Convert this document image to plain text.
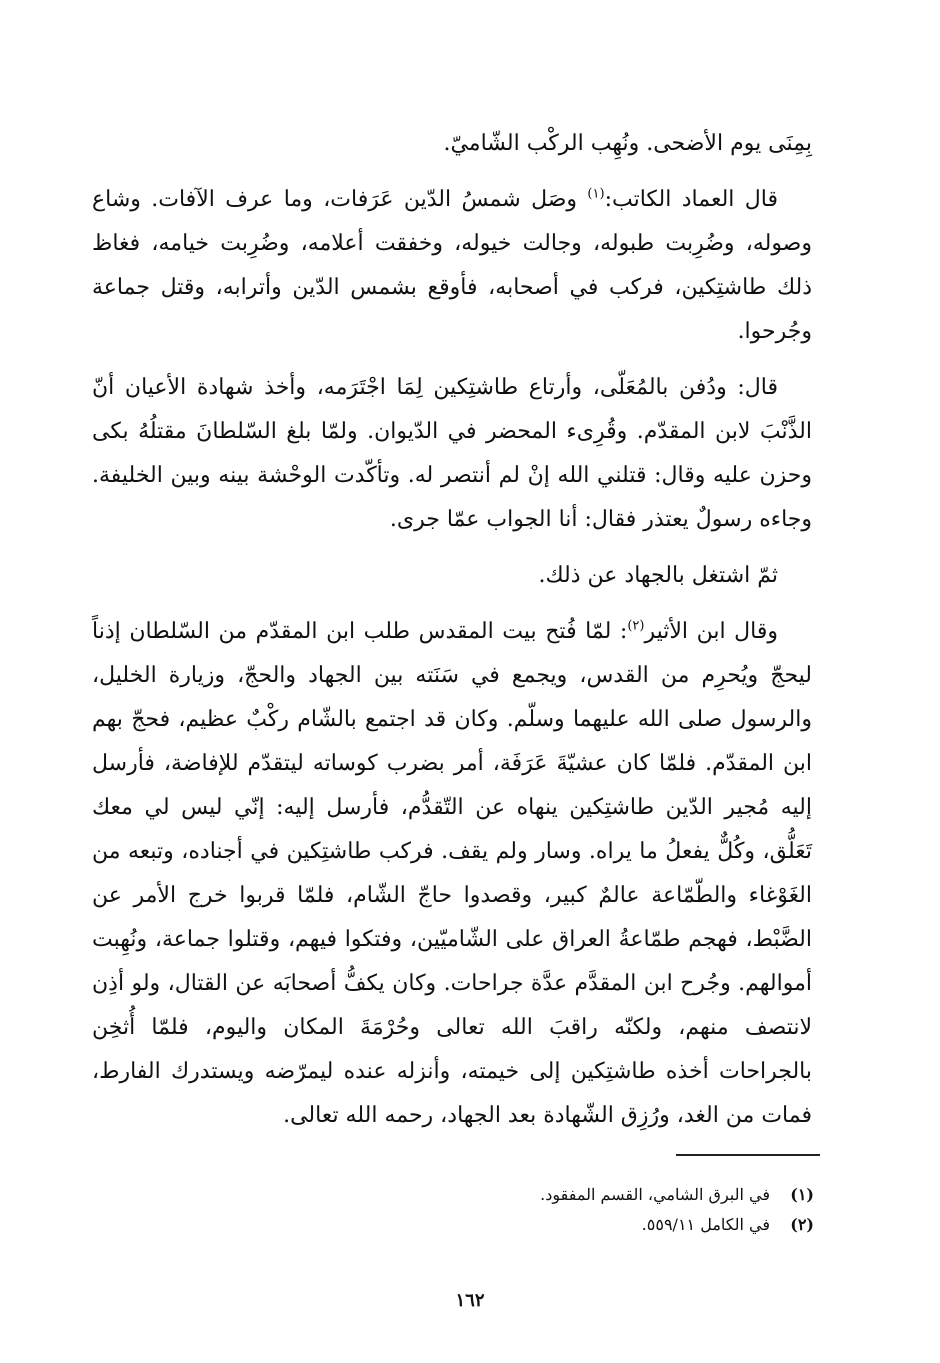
بِمِنَى يوم الأضحى. ونُهِب الركْب الشّاميّ.

قال العماد الكاتب:$^{(١)}$ وصَل شمسُ الدّين عَرَفات، وما عرف الآفات. وشاع وصوله، وضُرِبت طبوله، وجالت خيوله، وخفقت أعلامه، وضُرِبت خيامه، فغاظ ذلك طاشتِكين، فركب في أصحابه، فأوقع بشمس الدّين وأترابه، وقتل جماعة وجُرحوا.

قال: ودُفن بالمُعَلّى، وأرتاع طاشتِكين لِمَا اجْتَرَمه، وأخذ شهادة الأعيان أنّ الذَّنْبَ لابن المقدّم. وقُرِىء المحضر في الدّيوان. ولمّا بلغ السّلطانَ مقتلُهُ بكى وحزن عليه وقال: قتلني الله إنْ لم أنتصر له. وتأكّدت الوحْشة بينه وبين الخليفة. وجاءه رسولٌ يعتذر فقال: أنا الجواب عمّا جرى.

ثمّ اشتغل بالجهاد عن ذلك.

وقال ابن الأثير$^{(٢)}$: لمّا فُتح بيت المقدس طلب ابن المقدّم من السّلطان إذناً ليحجّ ويُحرِم من القدس، ويجمع في سَنَته بين الجهاد والحجّ، وزيارة الخليل، والرسول صلى الله عليهما وسلّم. وكان قد اجتمع بالشّام ركْبٌ عظيم، فحجّ بهم ابن المقدّم. فلمّا كان عشيّةَ عَرَفَة، أمر بضرب كوساته ليتقدّم للإفاضة، فأرسل إليه مُجير الدّين طاشتِكين ينهاه عن التّقدُّم، فأرسل إليه: إنّي ليس لي معك تَعَلُّق، وكُلٌّ يفعلُ ما يراه. وسار ولم يقف. فركب طاشتِكين في أجناده، وتبعه من الغَوْغاء والطّمّاعة عالمٌ كبير، وقصدوا حاجّ الشّام، فلمّا قربوا خرج الأمر عن الضَّبْط، فهجم طمّاعةُ العراق على الشّاميّين، وفتكوا فيهم، وقتلوا جماعة، ونُهِبت أموالهم. وجُرح ابن المقدَّم عدَّة جراحات. وكان يكفُّ أصحابَه عن القتال، ولو أذِن لانتصف منهم، ولكنّه راقبَ الله تعالى وحُرْمَةَ المكان واليوم، فلمّا أُثخِن بالجراحات أخذه طاشتِكين إلى خيمته، وأنزله عنده ليمرّضه ويستدرك الفارط، فمات من الغد، ورُزِق الشّهادة بعد الجهاد، رحمه الله تعالى.

(١)في البرق الشامي، القسم المفقود.

(٢)في الكامل ٥٥٩/١١.

١٦٢
